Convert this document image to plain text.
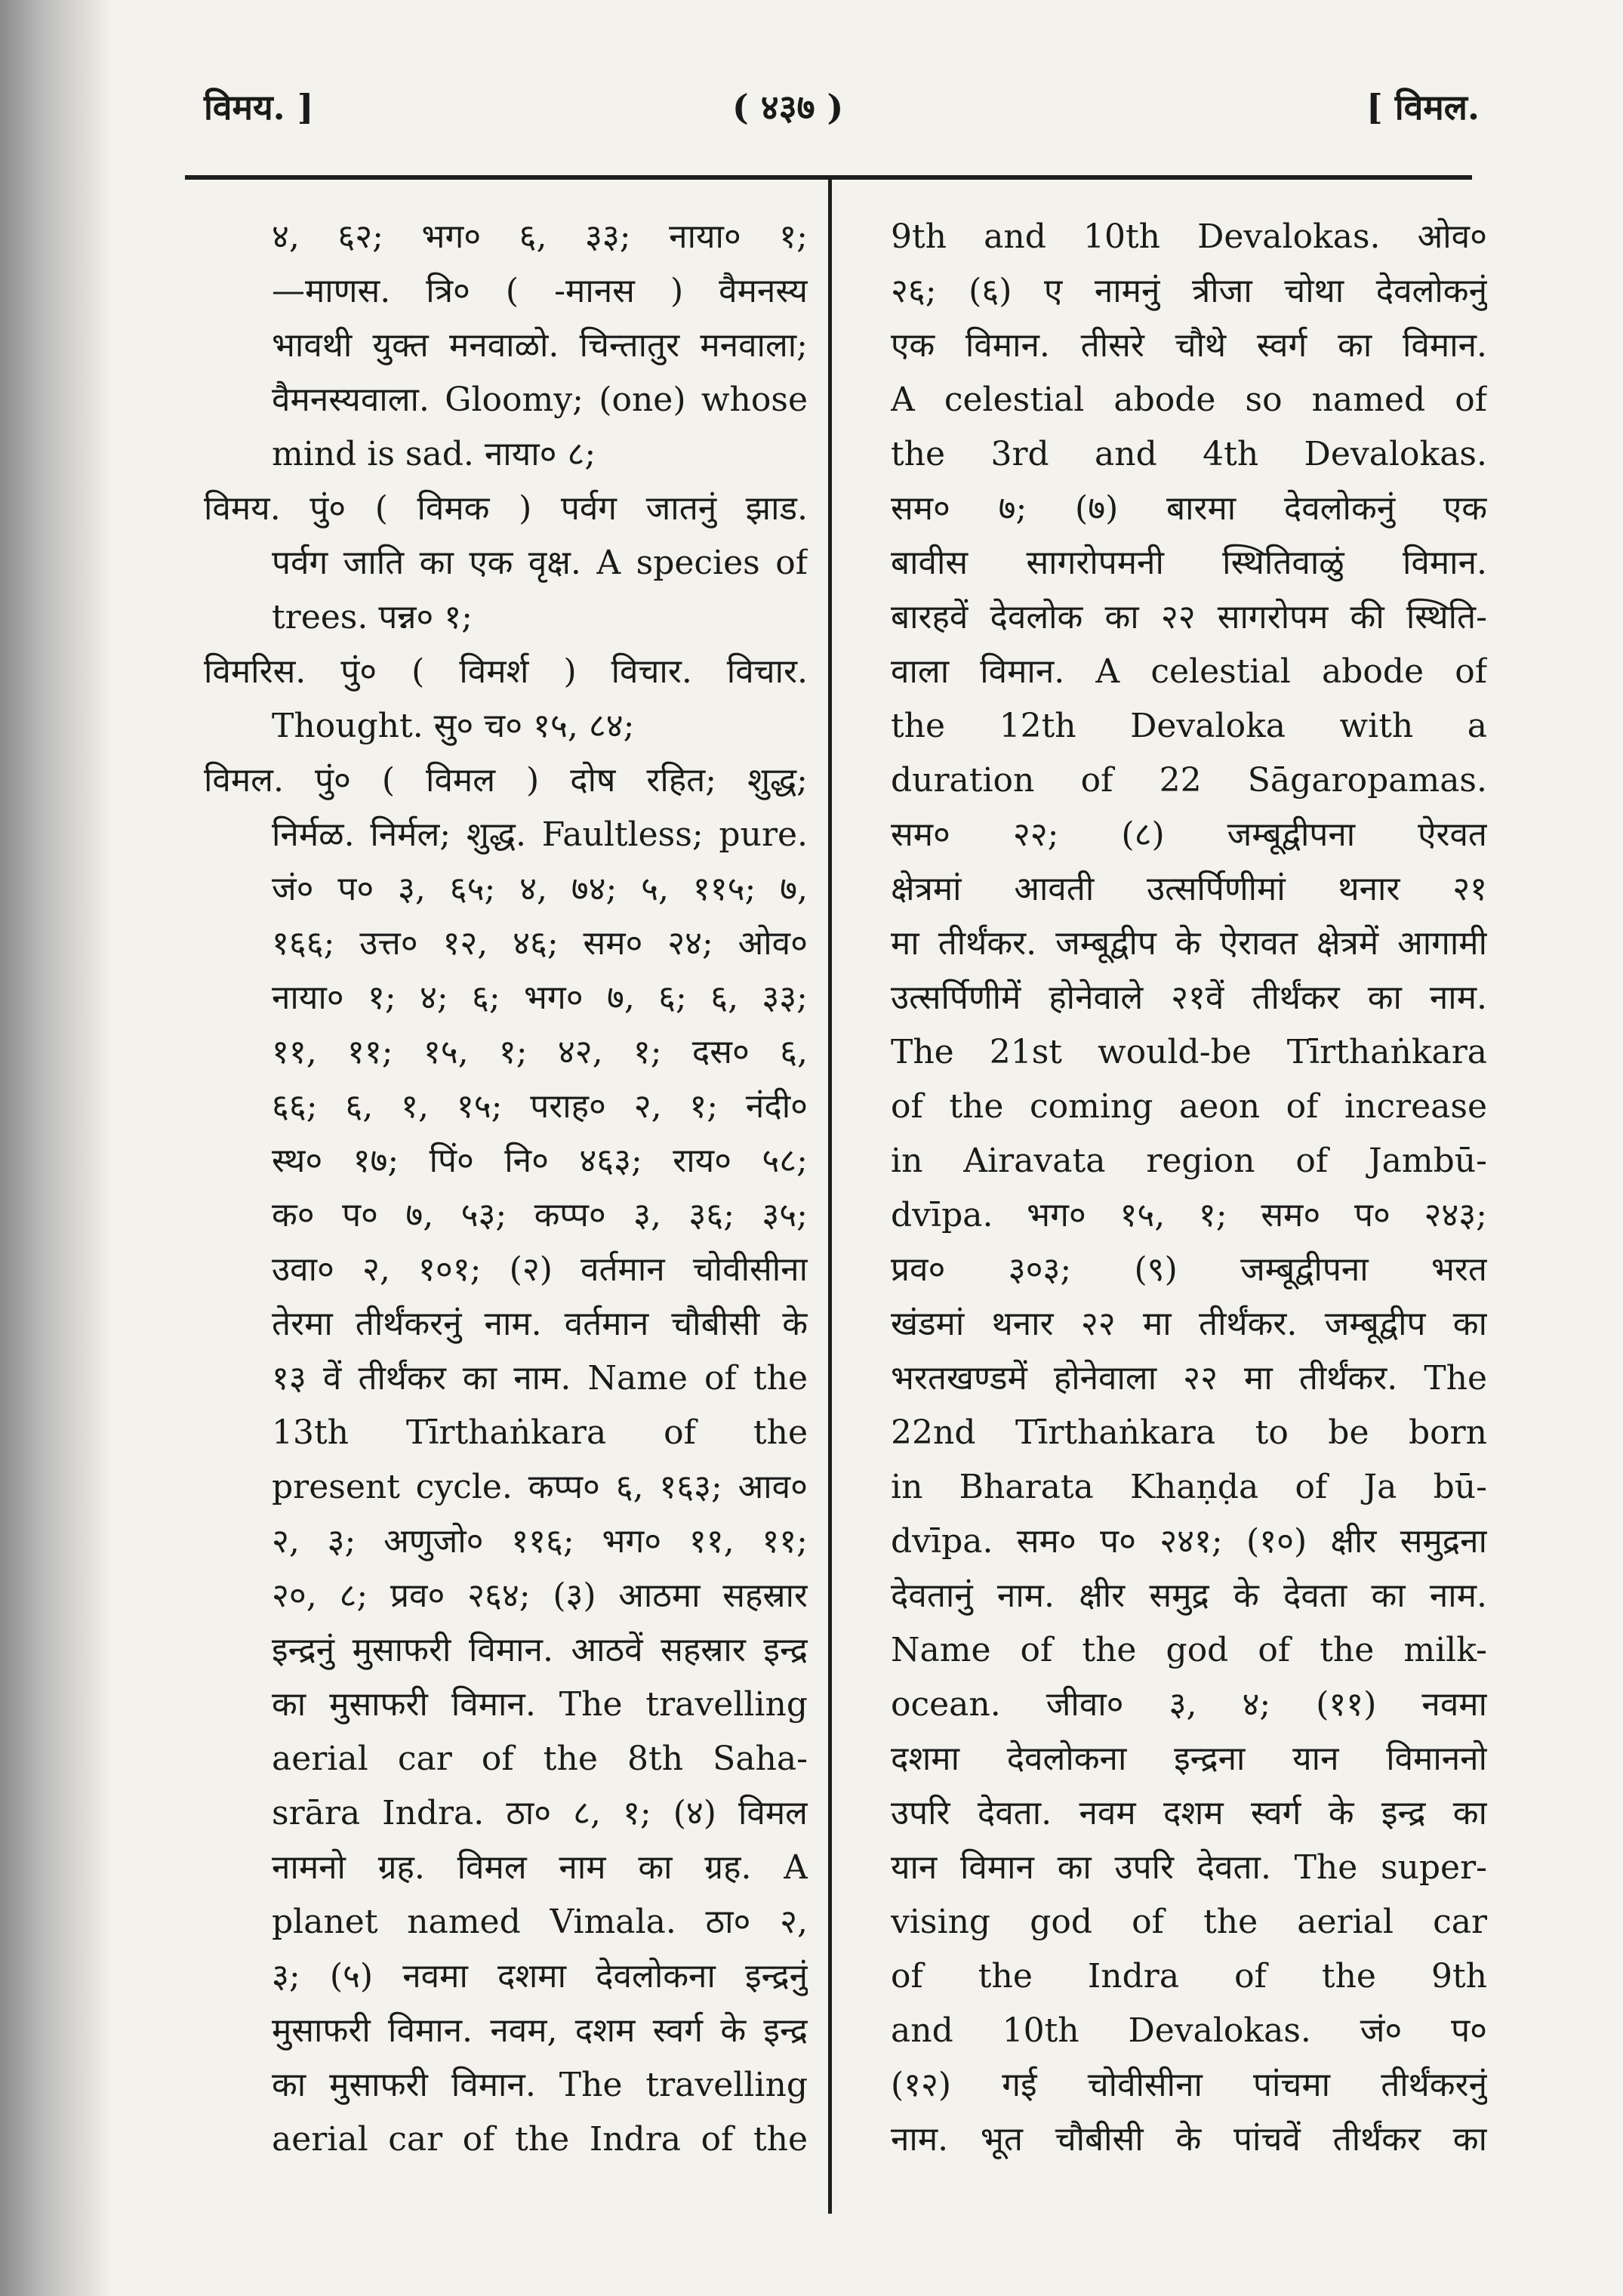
विमय. ]	( ४३७ )	[ विमल.
४, ६२; भग० ६, ३३; नाया० १;
—माणस. त्रि० ( -मानस ) वैमनस्य
भावथी युक्त मनवाळो. चिन्तातुर मनवाला;
वैमनस्यवाला. Gloomy; (one) whose
mind is sad. नाया० ८;
विमय. पुं० ( विमक ) पर्वग जातनुं झाड.
पर्वग जाति का एक वृक्ष. A species of
trees. पन्न० १;
विमरिस. पुं० ( विमर्श ) विचार. विचार.
Thought. सु० च० १५, ८४;
विमल. पुं० ( विमल ) दोष रहित; शुद्ध;
निर्मळ. निर्मल; शुद्ध. Faultless; pure.
जं० प० ३, ६५; ४, ७४; ५, ११५; ७,
१६६; उत्त० १२, ४६; सम० २४; ओव०
नाया० १; ४; ६; भग० ७, ६; ६, ३३;
११, ११; १५, १; ४२, १; दस० ६,
६६; ६, १, १५; पराह० २, १; नंदी०
स्थ० १७; पिं० नि० ४६३; राय० ५८;
क० प० ७, ५३; कप्प० ३, ३६; ३५;
उवा० २, १०१; (२) वर्तमान चोवीसीना
तेरमा तीर्थंकरनुं नाम. वर्तमान चौबीसी के
१३ वें तीर्थंकर का नाम. Name of the
13th Tīrthaṅkara of the
present cycle. कप्प० ६, १६३; आव०
२, ३; अणुजो० ११६; भग० ११, ११;
२०, ८; प्रव० २६४; (३) आठमा सहस्रार
इन्द्रनुं मुसाफरी विमान. आठवें सहस्रार इन्द्र
का मुसाफरी विमान. The travelling
aerial car of the 8th Saha-
srāra Indra. ठा० ८, १; (४) विमल
नामनो ग्रह. विमल नाम का ग्रह. A
planet named Vimala. ठा० २,
३; (५) नवमा दशमा देवलोकना इन्द्रनुं
मुसाफरी विमान. नवम, दशम स्वर्ग के इन्द्र
का मुसाफरी विमान. The travelling
aerial car of the Indra of the
9th and 10th Devalokas. ओव०
२६; (६) ए नामनुं त्रीजा चोथा देवलोकनुं
एक विमान. तीसरे चौथे स्वर्ग का विमान.
A celestial abode so named of
the 3rd and 4th Devalokas.
सम० ७; (७) बारमा देवलोकनुं एक
बावीस सागरोपमनी स्थितिवाळुं विमान.
बारहवें देवलोक का २२ सागरोपम की स्थिति-
वाला विमान. A celestial abode of
the 12th Devaloka with a
duration of 22 Sāgaropamas.
सम० २२; (८) जम्बूद्वीपना ऐरवत
क्षेत्रमां आवती उत्सर्पिणीमां थनार २१
मा तीर्थंकर. जम्बूद्वीप के ऐरावत क्षेत्रमें आगामी
उत्सर्पिणीमें होनेवाले २१वें तीर्थंकर का नाम.
The 21st would-be Tīrthaṅkara
of the coming aeon of increase
in Airavata region of Jambū-
dvīpa. भग० १५, १; सम० प० २४३;
प्रव० ३०३; (९) जम्बूद्वीपना भरत
खंडमां थनार २२ मा तीर्थंकर. जम्बूद्वीप का
भरतखण्डमें होनेवाला २२ मा तीर्थंकर. The
22nd Tīrthaṅkara to be born
in Bharata Khaṇḍa of Ja bū-
dvīpa. सम० प० २४१; (१०) क्षीर समुद्रना
देवतानुं नाम. क्षीर समुद्र के देवता का नाम.
Name of the god of the milk-
ocean. जीवा० ३, ४; (११) नवमा
दशमा देवलोकना इन्द्रना यान विमाननो
उपरि देवता. नवम दशम स्वर्ग के इन्द्र का
यान विमान का उपरि देवता. The super-
vising god of the aerial car
of the Indra of the 9th
and 10th Devalokas. जं० प०
(१२) गई चोवीसीना पांचमा तीर्थंकरनुं
नाम. भूत चौबीसी के पांचवें तीर्थंकर का
